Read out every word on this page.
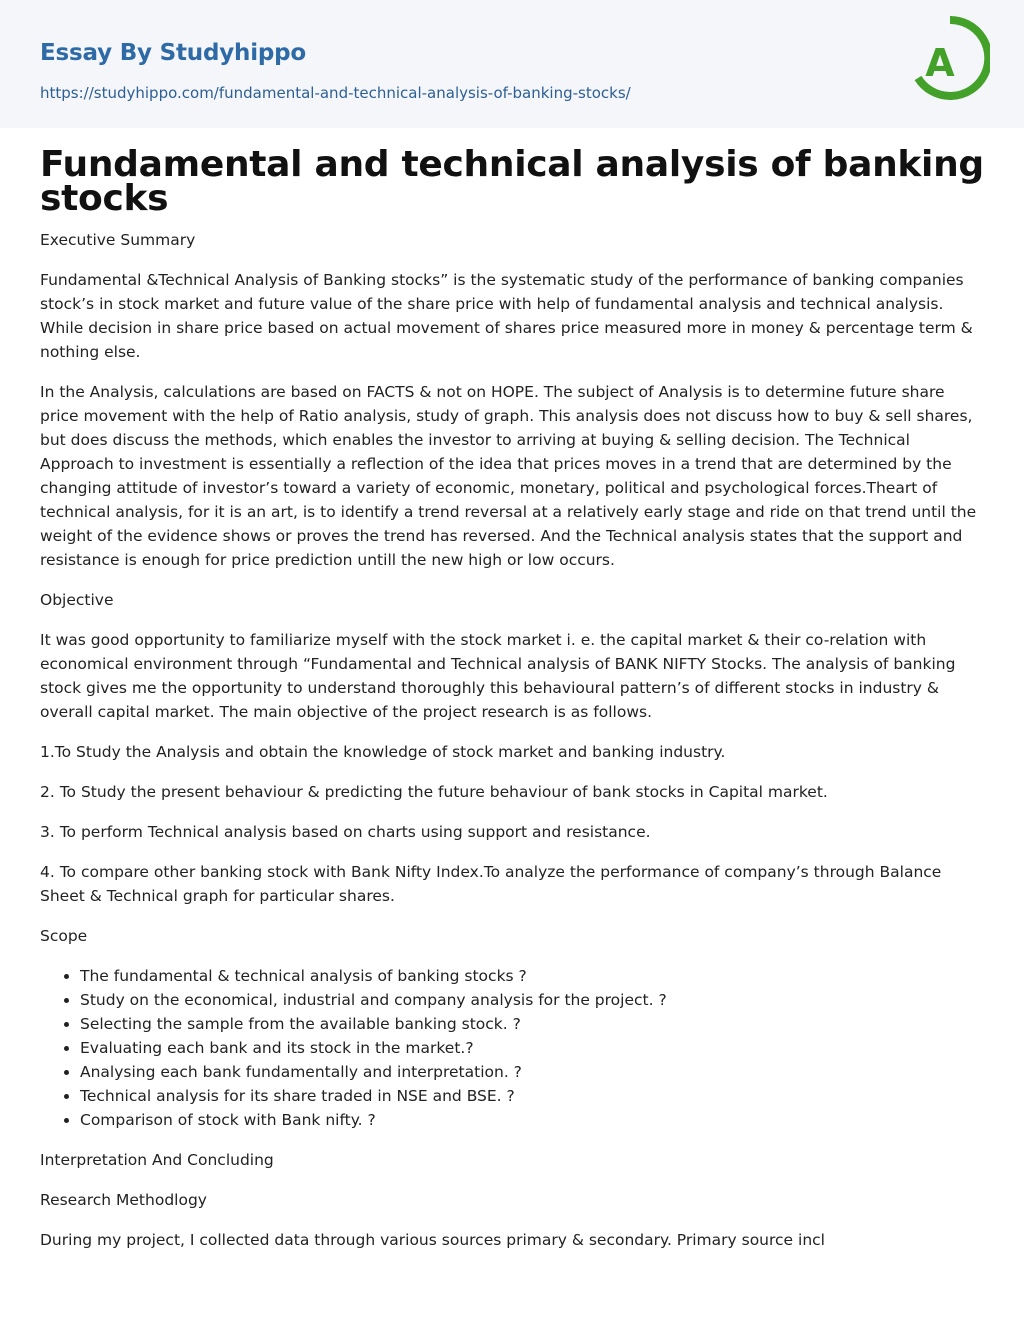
Essay By Studyhippo
https://studyhippo.com/fundamental-and-technical-analysis-of-banking-stocks/
A
Fundamental and technical analysis of banking stocks

Executive Summary

Fundamental &Technical Analysis of Banking stocks” is the systematic study of the performance of banking companies stock’s in stock market and future value of the share price with help of fundamental analysis and technical analysis. While decision in share price based on actual movement of shares price measured more in money & percentage term & nothing else.

In the Analysis, calculations are based on FACTS & not on HOPE. The subject of Analysis is to determine future share price movement with the help of Ratio analysis, study of graph. This analysis does not discuss how to buy & sell shares, but does discuss the methods, which enables the investor to arriving at buying & selling decision. The Technical Approach to investment is essentially a reflection of the idea that prices moves in a trend that are determined by the changing attitude of investor’s toward a variety of economic, monetary, political and psychological forces.Theart of technical analysis, for it is an art, is to identify a trend reversal at a relatively early stage and ride on that trend until the weight of the evidence shows or proves the trend has reversed. And the Technical analysis states that the support and resistance is enough for price prediction untill the new high or low occurs.

Objective

It was good opportunity to familiarize myself with the stock market i. e. the capital market & their co-relation with economical environment through “Fundamental and Technical analysis of BANK NIFTY Stocks. The analysis of banking stock gives me the opportunity to understand thoroughly this behavioural pattern’s of different stocks in industry & overall capital market. The main objective of the project research is as follows.

1.To Study the Analysis and obtain the knowledge of stock market and banking industry.

2. To Study the present behaviour & predicting the future behaviour of bank stocks in Capital market.

3. To perform Technical analysis based on charts using support and resistance.

4. To compare other banking stock with Bank Nifty Index.To analyze the performance of company’s through Balance Sheet & Technical graph for particular shares.

Scope

• The fundamental & technical analysis of banking stocks ?
• Study on the economical, industrial and company analysis for the project. ?
• Selecting the sample from the available banking stock. ?
• Evaluating each bank and its stock in the market.?
• Analysing each bank fundamentally and interpretation. ?
• Technical analysis for its share traded in NSE and BSE. ?
• Comparison of stock with Bank nifty. ?

Interpretation And Concluding

Research Methodlogy

During my project, I collected data through various sources primary & secondary. Primary source incl
